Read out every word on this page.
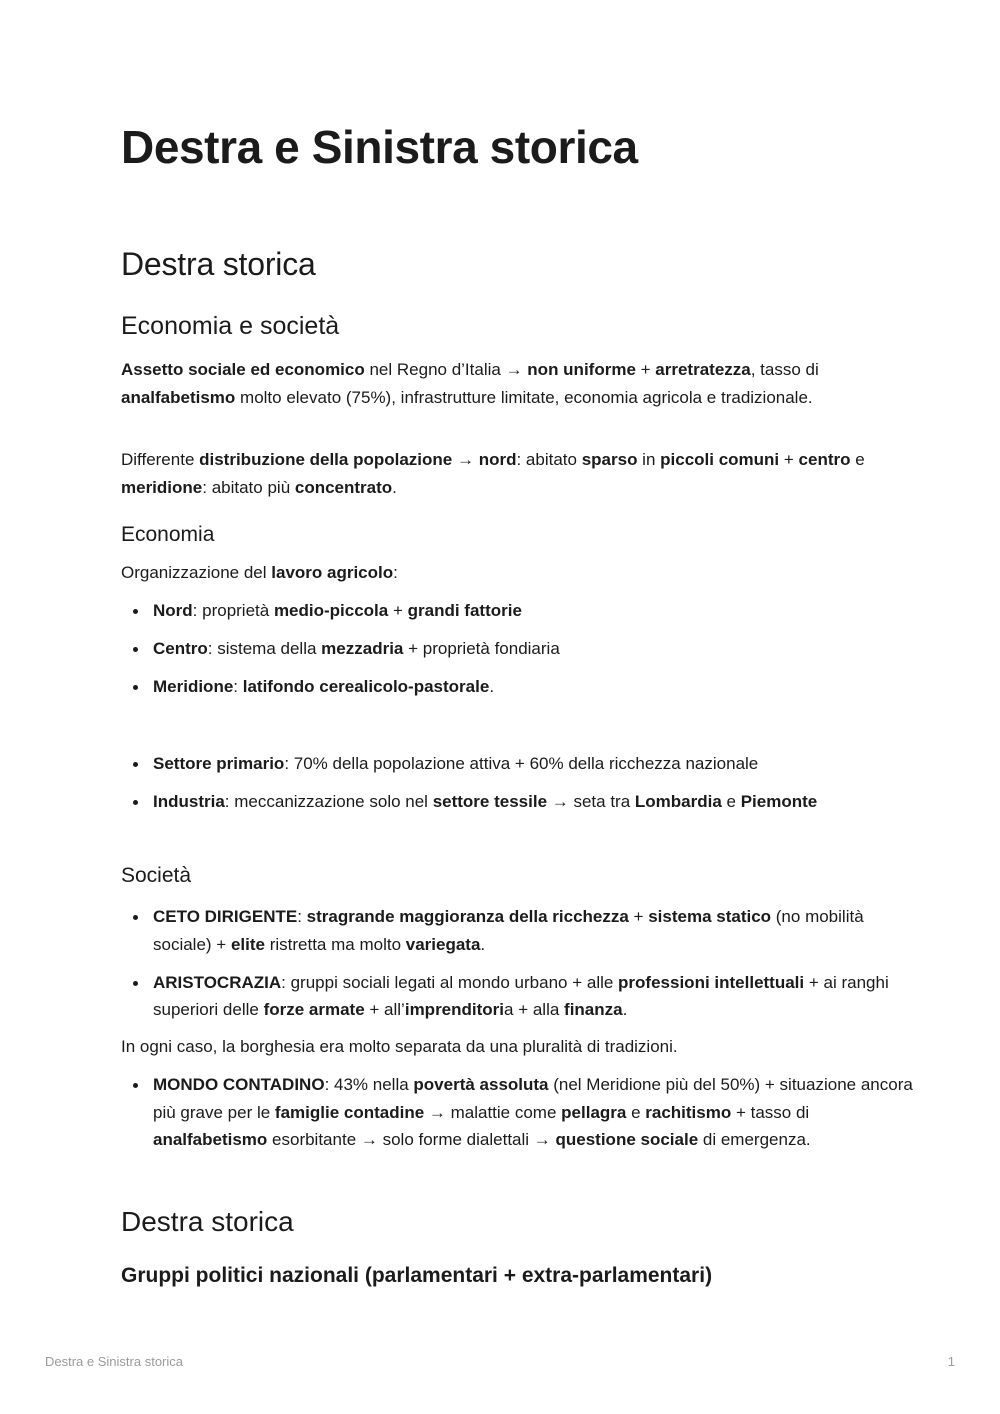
Destra e Sinistra storica
Destra storica
Economia e società

Assetto sociale ed economico nel Regno d’Italia → non uniforme + arretratezza, tasso di analfabetismo molto elevato (75%), infrastrutture limitate, economia agricola e tradizionale.

Differente distribuzione della popolazione → nord: abitato sparso in piccoli comuni + centro e meridione: abitato più concentrato.

Economia

Organizzazione del lavoro agricolo:

Nord: proprietà medio-piccola + grandi fattorie
Centro: sistema della mezzadria + proprietà fondiaria
Meridione: latifondo cerealicolo-pastorale.
Settore primario: 70% della popolazione attiva + 60% della ricchezza nazionale
Industria: meccanizzazione solo nel settore tessile → seta tra Lombardia e Piemonte
Società
CETO DIRIGENTE: stragrande maggioranza della ricchezza + sistema statico (no mobilità sociale) + elite ristretta ma molto variegata.
ARISTOCRAZIA: gruppi sociali legati al mondo urbano + alle professioni intellettuali + ai ranghi superiori delle forze armate + all’imprenditoria + alla finanza.

In ogni caso, la borghesia era molto separata da una pluralità di tradizioni.

MONDO CONTADINO: 43% nella povertà assoluta (nel Meridione più del 50%) + situazione ancora più grave per le famiglie contadine → malattie come pellagra e rachitismo + tasso di analfabetismo esorbitante → solo forme dialettali → questione sociale di emergenza.
Destra storica
Gruppi politici nazionali (parlamentari + extra-parlamentari)
Destra e Sinistra storica	1
